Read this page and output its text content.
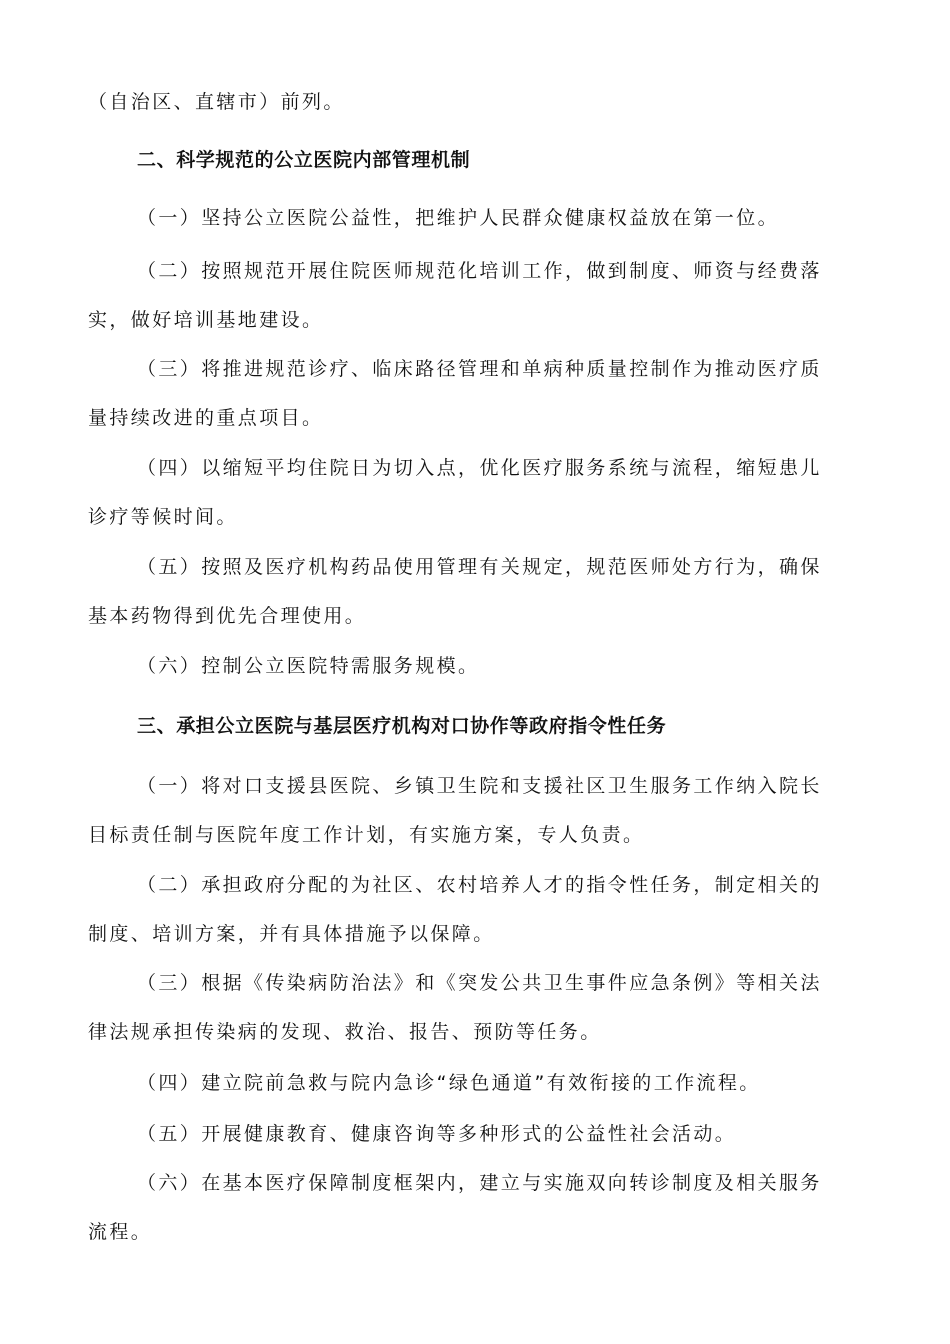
（自治区、直辖市）前列。
二、科学规范的公立医院内部管理机制
（一）坚持公立医院公益性，把维护人民群众健康权益放在第一位。
（二）按照规范开展住院医师规范化培训工作，做到制度、师资与经费落
实，做好培训基地建设。
（三）将推进规范诊疗、临床路径管理和单病种质量控制作为推动医疗质
量持续改进的重点项目。
（四）以缩短平均住院日为切入点，优化医疗服务系统与流程，缩短患儿
诊疗等候时间。
（五）按照及医疗机构药品使用管理有关规定，规范医师处方行为，确保
基本药物得到优先合理使用。
（六）控制公立医院特需服务规模。
三、承担公立医院与基层医疗机构对口协作等政府指令性任务
（一）将对口支援县医院、乡镇卫生院和支援社区卫生服务工作纳入院长
目标责任制与医院年度工作计划，有实施方案，专人负责。
（二）承担政府分配的为社区、农村培养人才的指令性任务，制定相关的
制度、培训方案，并有具体措施予以保障。
（三）根据《传染病防治法》和《突发公共卫生事件应急条例》等相关法
律法规承担传染病的发现、救治、报告、预防等任务。
（四）建立院前急救与院内急诊“绿色通道”有效衔接的工作流程。
（五）开展健康教育、健康咨询等多种形式的公益性社会活动。
（六）在基本医疗保障制度框架内，建立与实施双向转诊制度及相关服务
流程。
